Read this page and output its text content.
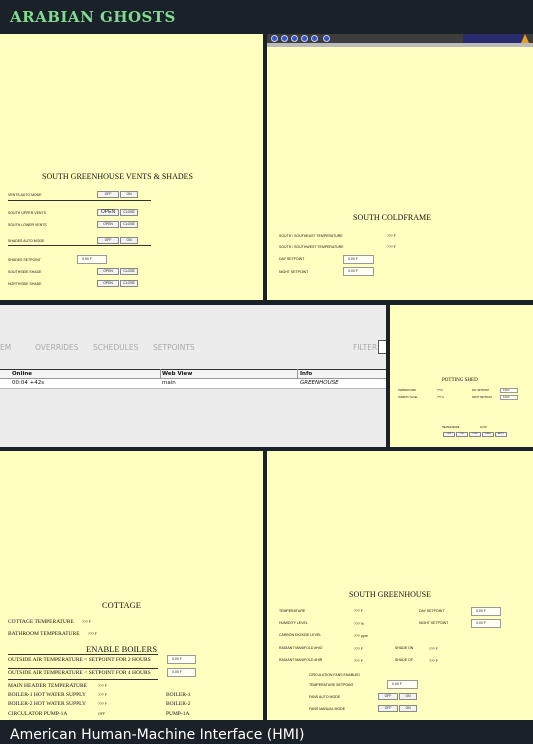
ARABIAN GHOSTS
SOUTH GREENHOUSE VENTS & SHADES
VENTS AUTO MODE	OFF	ON
SOUTH UPPER VENTS	OPEN	CLOSE
SOUTH LOWER VENTS	OPEN	CLOSE
SHADES AUTO MODE	OFF	ON
SHADES SETPOINT	0.00 F
SOUTHSIDE SHADE	OPEN	CLOSE
NORTHSIDE SHADE	OPEN	CLOSE
SOUTH COLDFRAME
SOUTH / SOUTHEAST TEMPERATURE	??? F
SOUTH / SOUTHWEST TEMPERATURE	??? F
DAY SETPOINT	0.00 F
NIGHT SETPOINT	0.00 F
EM	OVERRIDES SCHEDULES SETPOINTS	FILTER
Online	Web View	Info
00:04 +42s	main	GREENHOUSE	POTTING SHED
TEMPERATURE	??? F	DAY SETPOINT	0.00 F
HUMIDITY LEVEL	??? %	NIGHT SETPOINT	0.00 F
HEATER MODE	AUTO
OFF	ON	LOW	HIGH	AUTO
COTTAGE
COTTAGE TEMPERATURE ??? F
BATHROOM TEMPERATURE ??? F
ENABLE BOILERS
OUTSIDE AIR TEMPERATURE < SETPOINT FOR 2 HOURS	0.00 F
OUTSIDE AIR TEMPERATURE < SETPOINT FOR 4 HOURS	0.00 F
MAIN HEADER TEMPERATURE	??? F
BOILER-1 HOT WATER SUPPLY	??? F	BOILER-1
BOILER-2 HOT WATER SUPPLY	??? F	BOILER-2
CIRCULATOR PUMP-1A	OFF	PUMP-1A
SOUTH GREENHOUSE
TEMPERATURE	??? F	DAY SETPOINT	0.00 F
HUMIDITY LEVEL	??? %	NIGHT SETPOINT	0.00 F
CARBON DIOXIDE LEVEL	??? ppm
RADIANT MANIFOLD #HIO	??? F	SHADE ON	??? F
RADIANT MANIFOLD #HIR	??? F	SHADE OF	??? F
CIRCULATION FANS ENABLED
TEMPERATURE SETPOINT	0.00 F
FANS AUTO MODE	OFF	ON
FANS MANUAL MODE	OFF	ON
American Human-Machine Interface (HMI)
